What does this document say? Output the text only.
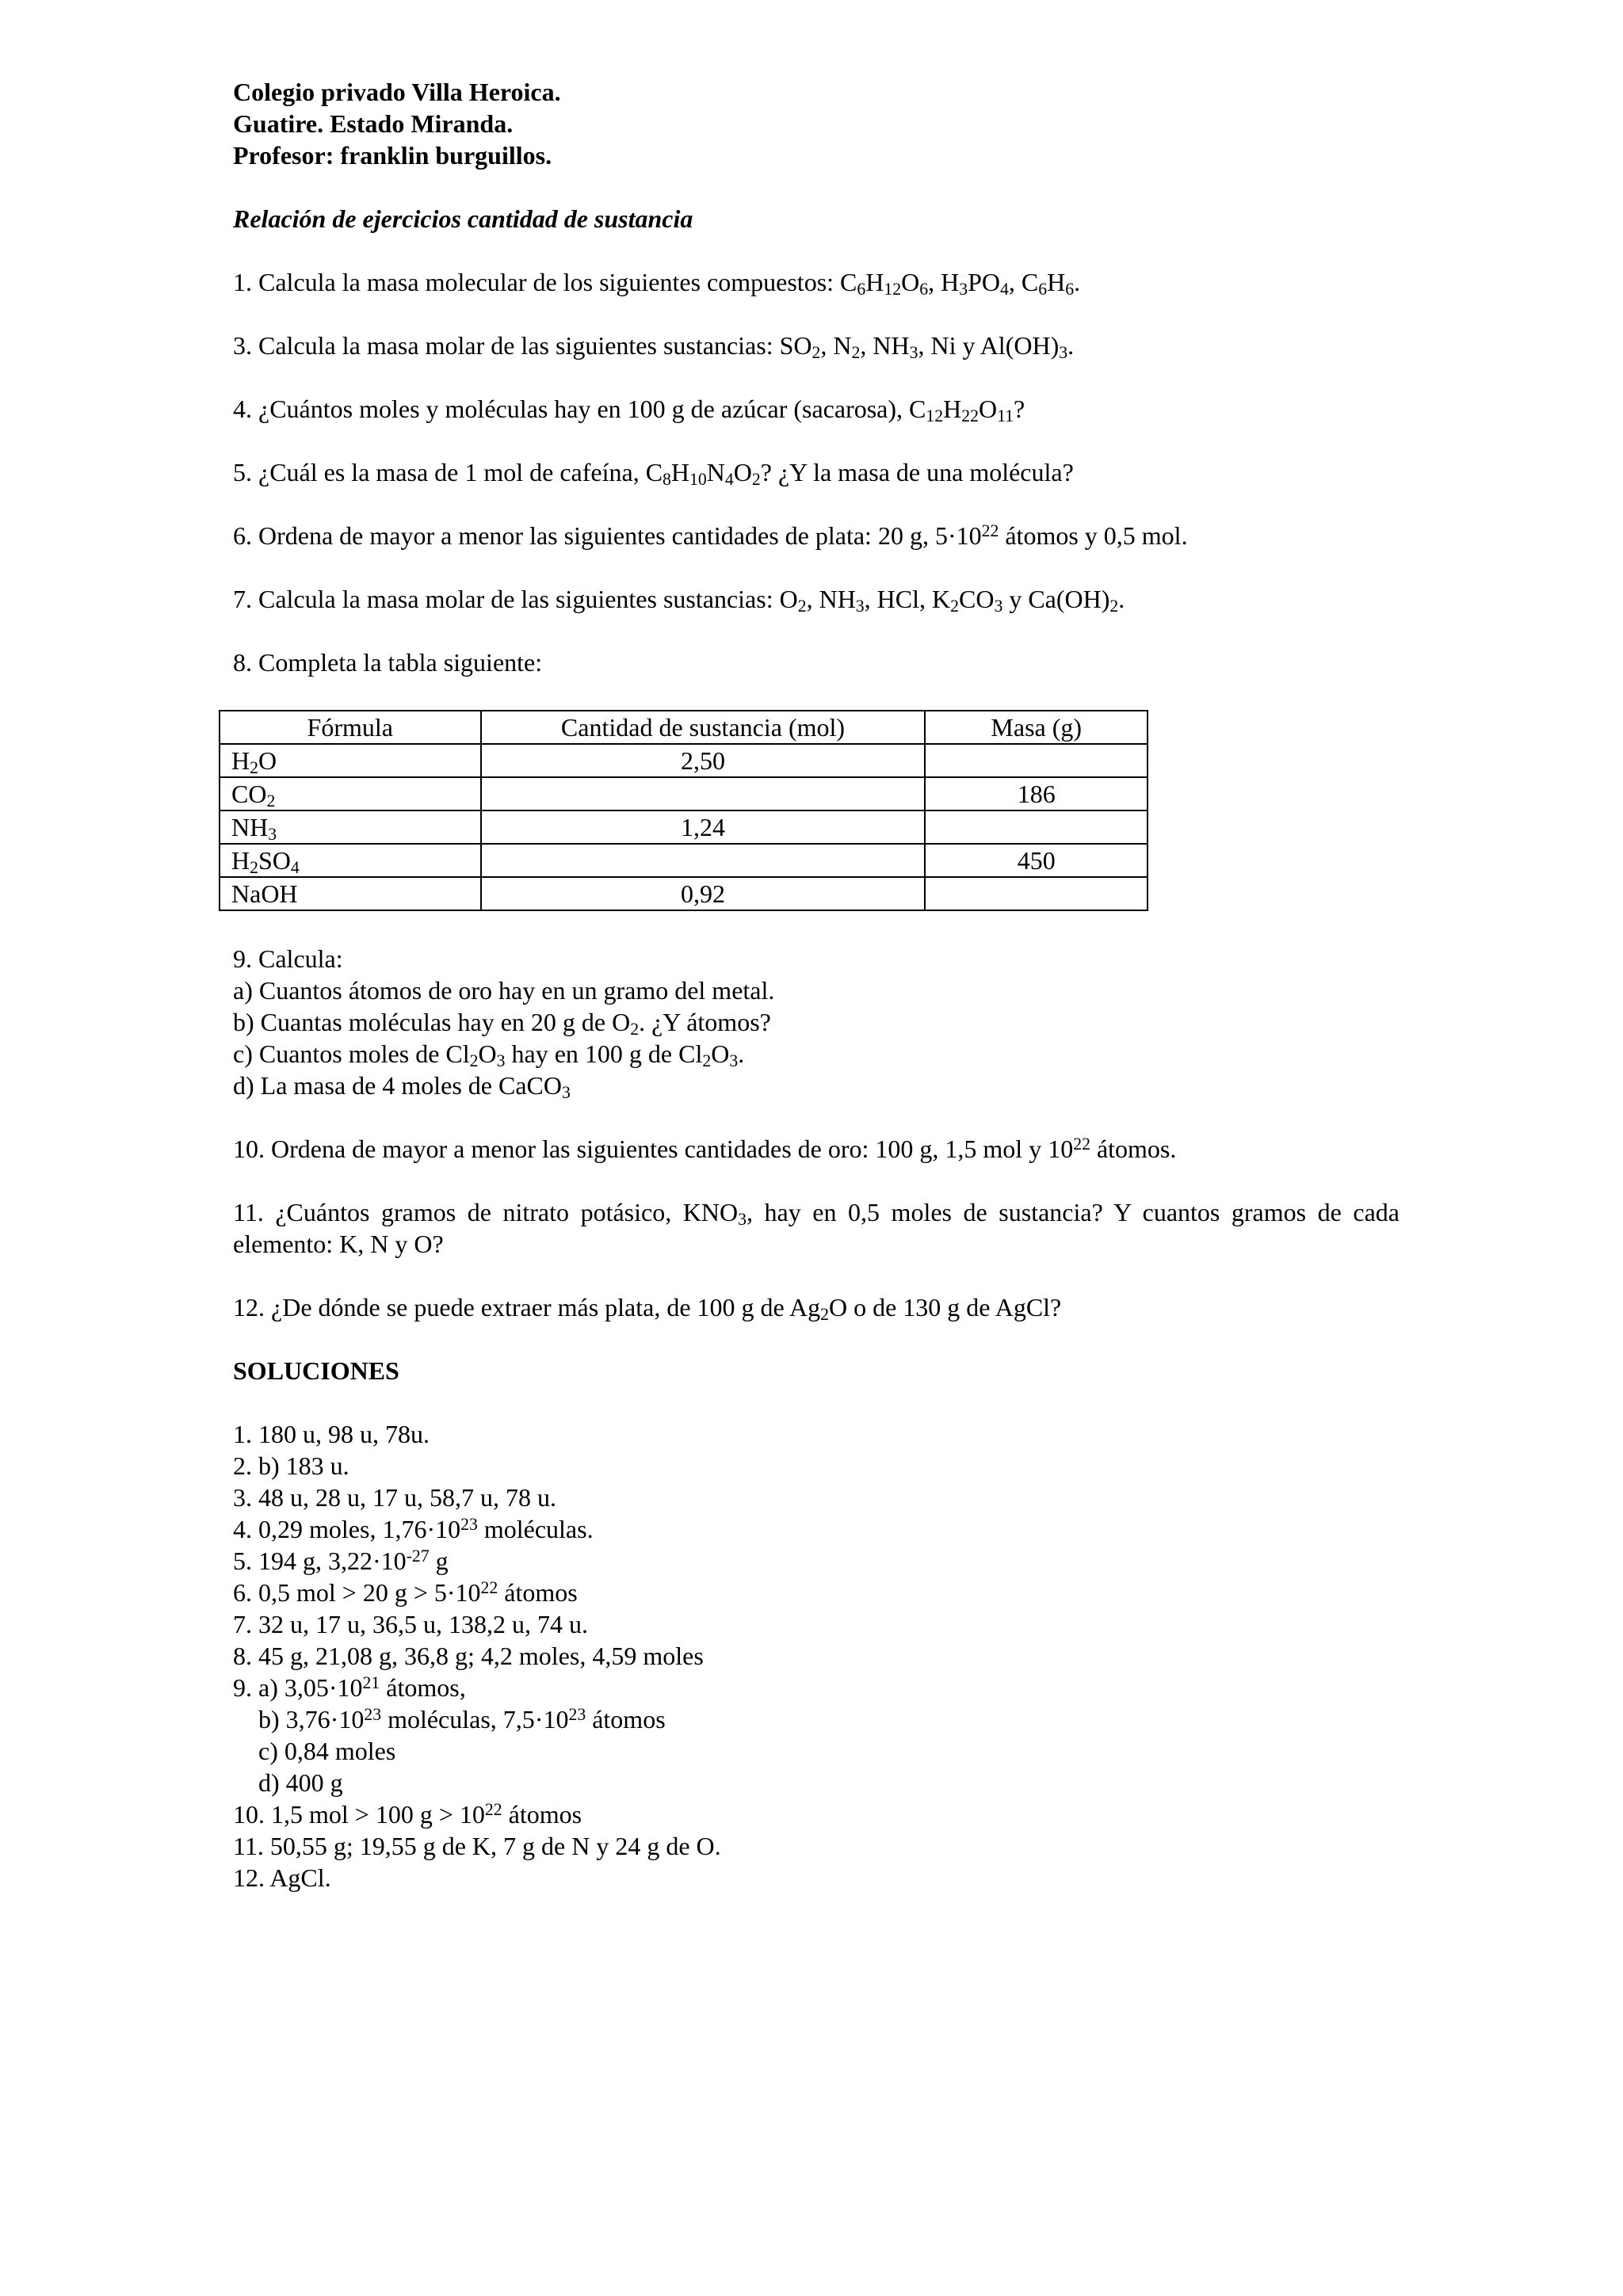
Colegio privado Villa Heroica.
Guatire. Estado Miranda.
Profesor: franklin burguillos.
Relación de ejercicios cantidad de sustancia
1. Calcula la masa molecular de los siguientes compuestos: $C_6H_{12}O_6$, $H_3PO_4$, $C_6H_6$.
3. Calcula la masa molar de las siguientes sustancias: $SO_2$, $N_2$, $NH_3$, Ni y $Al(OH)_3$.
4. ¿Cuántos moles y moléculas hay en 100 g de azúcar (sacarosa), $C_{12}H_{22}O_{11}$?
5. ¿Cuál es la masa de 1 mol de cafeína, $C_8H_{10}N_4O_2$? ¿Y la masa de una molécula?
6. Ordena de mayor a menor las siguientes cantidades de plata: 20 g, $5\cdot 10^{22}$ átomos y 0,5 mol.
7. Calcula la masa molar de las siguientes sustancias: $O_2$, $NH_3$, HCl, $K_2CO_3$ y $Ca(OH)_2$.
8. Completa la tabla siguiente:
Fórmula	Cantidad de sustancia (mol)	Masa (g)
$H_2O$	2,50	
$CO_2$		186
$NH_3$	1,24	
$H_2SO_4$		450
NaOH	0,92	
9. Calcula:
a) Cuantos átomos de oro hay en un gramo del metal.
b) Cuantas moléculas hay en 20 g de $O_2$. ¿Y átomos?
c) Cuantos moles de $Cl_2O_3$ hay en 100 g de $Cl_2O_3$.
d) La masa de 4 moles de CaCO$_3$
10. Ordena de mayor a menor las siguientes cantidades de oro: 100 g, 1,5 mol y $10^{22}$ átomos.
11. ¿Cuántos gramos de nitrato potásico, $KNO_3$, hay en 0,5 moles de sustancia? Y cuantos gramos de cada elemento: K, N y O?
12. ¿De dónde se puede extraer más plata, de 100 g de $Ag_2O$ o de 130 g de AgCl?
SOLUCIONES
1. 180 u, 98 u, 78u.
2. b) 183 u.
3. 48 u, 28 u, 17 u, 58,7 u, 78 u.
4. 0,29 moles, $1,76\cdot 10^{23}$ moléculas.
5. 194 g, $3,22\cdot 10^{-27}$ g
6. 0,5 mol > 20 $g > 5\cdot 10^{22}$ átomos
7. 32 u, 17 u, 36,5 u, 138,2 u, 74 u.
8. 45 g, 21,08 g, 36,8 g; 4,2 moles, 4,59 moles
9. a) $3,05\cdot 10^{21}$ átomos,
b) $3,76\cdot 10^{23}$ moléculas, $7,5\cdot 10^{23}$ átomos
c) 0,84 moles
d) 400 g
10. 1,5 mol > 100 $g > 10^{22}$ átomos
11. 50,55 g; 19,55 g de K, 7 g de N y 24 g de O.
12. AgCl.
